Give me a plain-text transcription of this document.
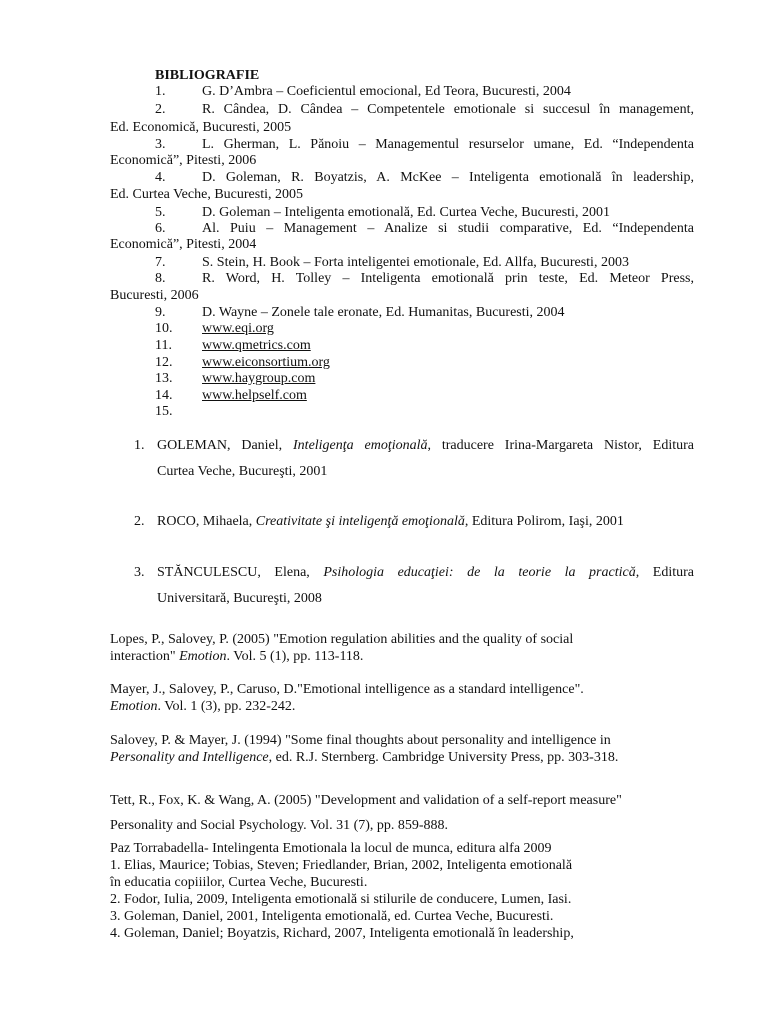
BIBLIOGRAFIE
1.	G. D’Ambra – Coeficientul emocional, Ed Teora, Bucuresti, 2004
2.	R. Cândea, D. Cândea – Competentele emotionale si succesul în management,
Ed. Economică, Bucuresti, 2005
3.	L. Gherman, L. Pănoiu – Managementul resurselor umane, Ed. “Independenta
Economică”, Pitesti, 2006
4.	D. Goleman, R. Boyatzis, A. McKee – Inteligenta emotională în leadership,
Ed. Curtea Veche, Bucuresti, 2005
5.	D. Goleman – Inteligenta emotională, Ed. Curtea Veche, Bucuresti, 2001
6.	Al. Puiu – Management – Analize si studii comparative, Ed. “Independenta
Economică”, Pitesti, 2004
7.	S. Stein, H. Book – Forta inteligentei emotionale, Ed. Allfa, Bucuresti, 2003
8.	R. Word, H. Tolley – Inteligenta emotională prin teste, Ed. Meteor Press,
Bucuresti, 2006
9.	D. Wayne – Zonele tale eronate, Ed. Humanitas, Bucuresti, 2004
10. www.eqi.org
11. www.qmetrics.com
12. www.eiconsortium.org
13. www.haygroup.com
14. www.helpself.com
15.
1. GOLEMAN, Daniel, Inteligenţa emoţională, traducere Irina-Margareta Nistor, Editura
Curtea Veche, Bucureşti, 2001
2. ROCO, Mihaela, Creativitate şi inteligenţă emoţională, Editura Polirom, Iaşi, 2001
3. STĂNCULESCU, Elena, Psihologia educaţiei: de la teorie la practică, Editura
Universitară, Bucureşti, 2008
Lopes, P., Salovey, P. (2005) "Emotion regulation abilities and the quality of social
interaction" Emotion. Vol. 5 (1), pp. 113-118.
Mayer, J., Salovey, P., Caruso, D."Emotional intelligence as a standard intelligence".
Emotion. Vol. 1 (3), pp. 232-242.
Salovey, P. & Mayer, J. (1994) "Some final thoughts about personality and intelligence in
Personality and Intelligence, ed. R.J. Sternberg. Cambridge University Press, pp. 303-318.
Tett, R., Fox, K. & Wang, A. (2005) "Development and validation of a self-report measure"
Personality and Social Psychology. Vol. 31 (7), pp. 859-888.
Paz Torrabadella- Intelingenta Emotionala la locul de munca, editura alfa 2009
1. Elias, Maurice; Tobias, Steven; Friedlander, Brian, 2002, Inteligenta emotională
în educatia copiiilor, Curtea Veche, Bucuresti.
2. Fodor, Iulia, 2009, Inteligenta emotională si stilurile de conducere, Lumen, Iasi.
3. Goleman, Daniel, 2001, Inteligenta emotională, ed. Curtea Veche, Bucuresti.
4. Goleman, Daniel; Boyatzis, Richard, 2007, Inteligenta emotională în leadership,
